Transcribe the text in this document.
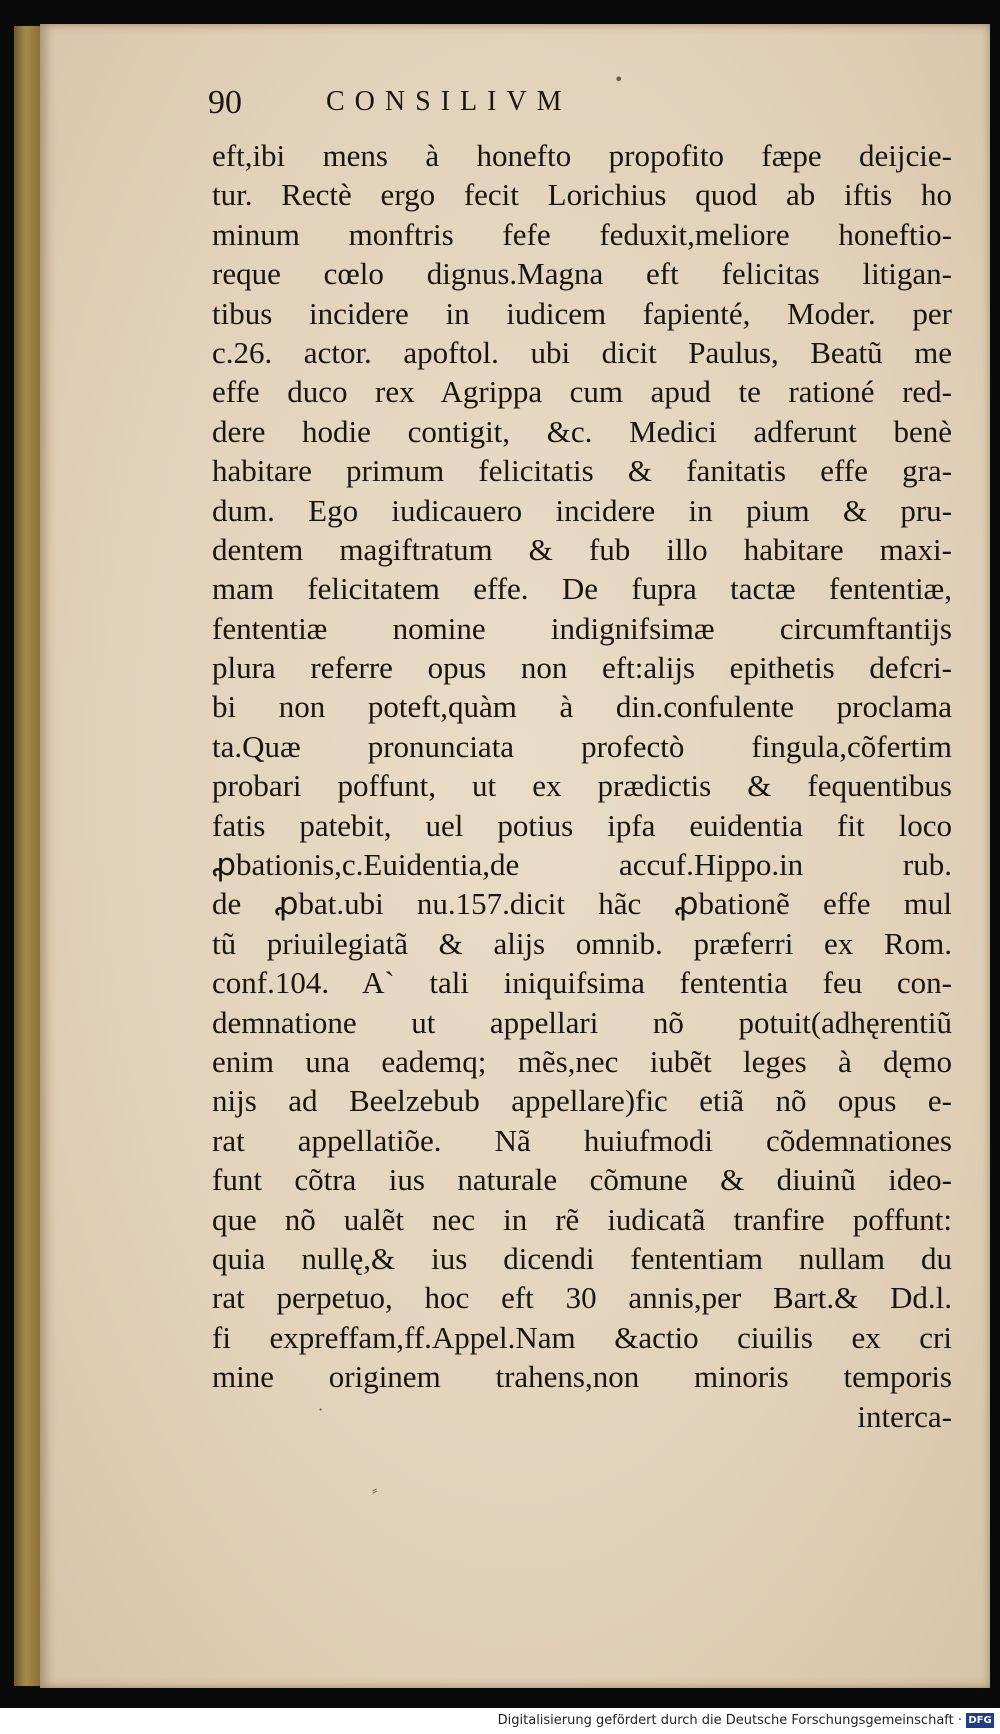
90	CONSILIVM
•
·
⸗
eft,ibi mens à honefto propofito fæpe deijcie-
tur. Rectè ergo fecit Lorichius quod ab iftis ho
minum monftris fefe feduxit,meliore honeftio-
reque cœlo dignus.Magna eft felicitas litigan-
tibus incidere in iudicem fapienté, Moder. per
c.26. actor. apoftol. ubi dicit Paulus, Beatũ me
effe duco rex Agrippa cum apud te rationé red-
dere hodie contigit, &c. Medici adferunt benè
habitare primum felicitatis & fanitatis effe gra-
dum. Ego iudicauero incidere in pium & pru-
dentem magiftratum & fub illo habitare maxi-
mam felicitatem effe. De fupra tactæ fententiæ,
fententiæ nomine indignifsimæ circumftantijs
plura referre opus non eft:alijs epithetis defcri-
bi non poteft,quàm à din.confulente proclama
ta.Quæ pronunciata profectò fingula,cõfertim
probari poffunt, ut ex prædictis & fequentibus
fatis patebit, uel potius ipfa euidentia fit loco
ꝓbationis,c.Euidentia,de accuf.Hippo.in rub.
de ꝓbat.ubi nu.157.dicit hãc ꝓbationẽ effe mul
tũ priuilegiatã & alijs omnib. præferri ex Rom.
conf.104. A` tali iniquifsima fententia feu con-
demnatione ut appellari nõ potuit(adhęrentiũ
enim una eademq; mẽs,nec iubẽt leges à dęmo
nijs ad Beelzebub appellare)fic etiã nõ opus e-
rat appellatiõe. Nã huiufmodi cõdemnationes
funt cõtra ius naturale cõmune & diuinũ ideo-
que nõ ualẽt nec in rẽ iudicatã tranfire poffunt:
quia nullę,& ius dicendi fententiam nullam du
rat perpetuo, hoc eft 30 annis,per Bart.& Dd.l.
fi expreffam,ff.Appel.Nam &actio ciuilis ex cri
mine originem trahens,non minoris temporis
interca-
Digitalisierung gefördert durch die Deutsche Forschungsgemeinschaft · DFG
